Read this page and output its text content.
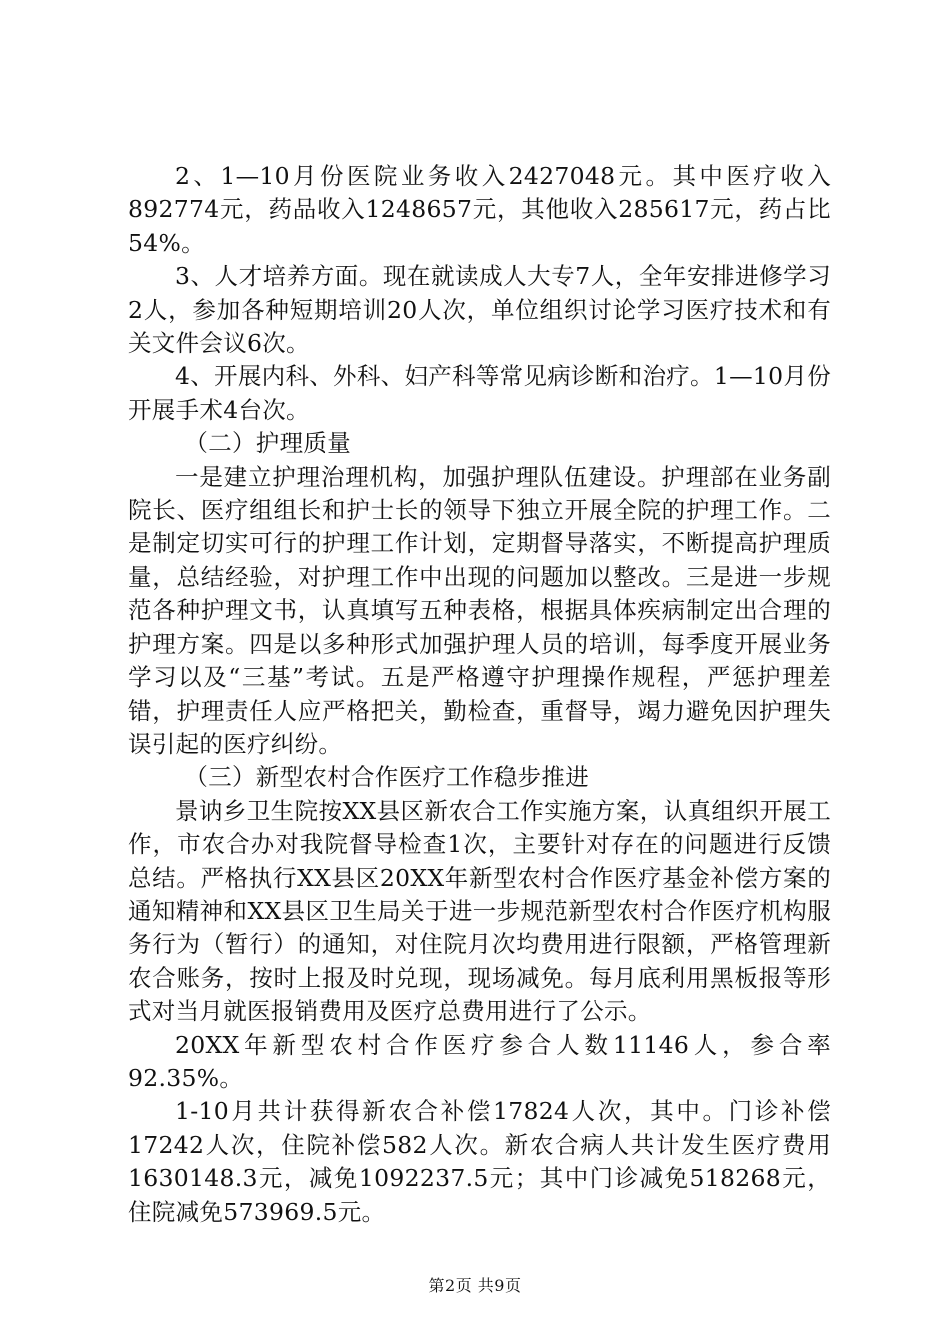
2、1—10月份医院业务收入2427048元。其中医疗收入892774元，药品收入1248657元，其他收入285617元，药占比54%。

3、人才培养方面。现在就读成人大专7人，全年安排进修学习2人，参加各种短期培训20人次，单位组织讨论学习医疗技术和有关文件会议6次。

4、开展内科、外科、妇产科等常见病诊断和治疗。1—10月份开展手术4台次。

（二）护理质量

一是建立护理治理机构，加强护理队伍建设。护理部在业务副院长、医疗组组长和护士长的领导下独立开展全院的护理工作。二是制定切实可行的护理工作计划，定期督导落实，不断提高护理质量，总结经验，对护理工作中出现的问题加以整改。三是进一步规范各种护理文书，认真填写五种表格，根据具体疾病制定出合理的护理方案。四是以多种形式加强护理人员的培训，每季度开展业务学习以及“三基”考试。五是严格遵守护理操作规程，严惩护理差错，护理责任人应严格把关，勤检查，重督导，竭力避免因护理失误引起的医疗纠纷。

（三）新型农村合作医疗工作稳步推进

景讷乡卫生院按XX县区新农合工作实施方案，认真组织开展工作，市农合办对我院督导检查1次，主要针对存在的问题进行反馈总结。严格执行XX县区20XX年新型农村合作医疗基金补偿方案的通知精神和XX县区卫生局关于进一步规范新型农村合作医疗机构服务行为（暂行）的通知，对住院月次均费用进行限额，严格管理新农合账务，按时上报及时兑现，现场减免。每月底利用黑板报等形式对当月就医报销费用及医疗总费用进行了公示。

20XX年新型农村合作医疗参合人数11146人，参合率92.35%。

1-10月共计获得新农合补偿17824人次，其中。门诊补偿17242人次，住院补偿582人次。新农合病人共计发生医疗费用1630148.3元，减免1092237.5元；其中门诊减免518268元，住院减免573969.5元。

第2页 共9页
